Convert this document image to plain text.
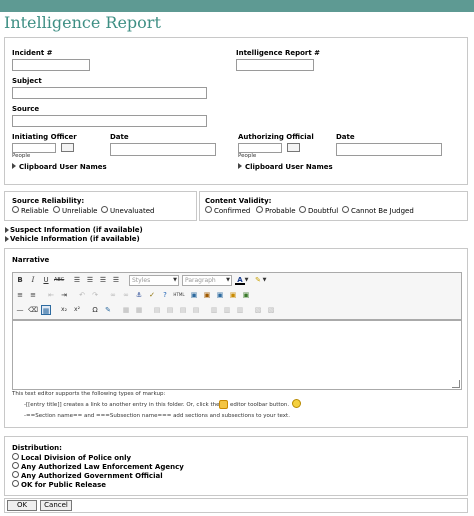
Intelligence Report
Incident #	Intelligence Report #
Subject
Source
Initiating Officer
People
Date
Clipboard User Names
Authorizing Official
People
Date
Clipboard User Names
Source Reliability:
Reliable Unreliable Unevaluated
Content Validity:
Confirmed Probable Doubtful Cannot Be Judged
Suspect Information (if available)
Vehicle Information (if available)
Narrative
B	I	U	ABC ☰ ☰ ☰ ☰	Styles	▼	Paragraph ▼	A ▼ ✎ ▼
≡ ≡ ⇤ ⇥ ↶ ↷ ∞ ∞ ⚓ ✓	?	HTML ▣ ▣ ▣ ▣ ▣
— ⌫ ▦	x₂	x²	Ω	✎ ▦ ▦ ▤ ▤ ▤ ▤ ▥ ▥ ▥ ▧ ▧
This text editor supports the following types of markup:
-[[entry title]] creates a link to another entry in this folder. Or, click the editor toolbar button.
-==Section name== and ===Subsection name=== add sections and subsections to your text.
Distribution:
Local Division of Police only
Any Authorized Law Enforcement Agency
Any Authorized Government Official
OK for Public Release
OK	Cancel
